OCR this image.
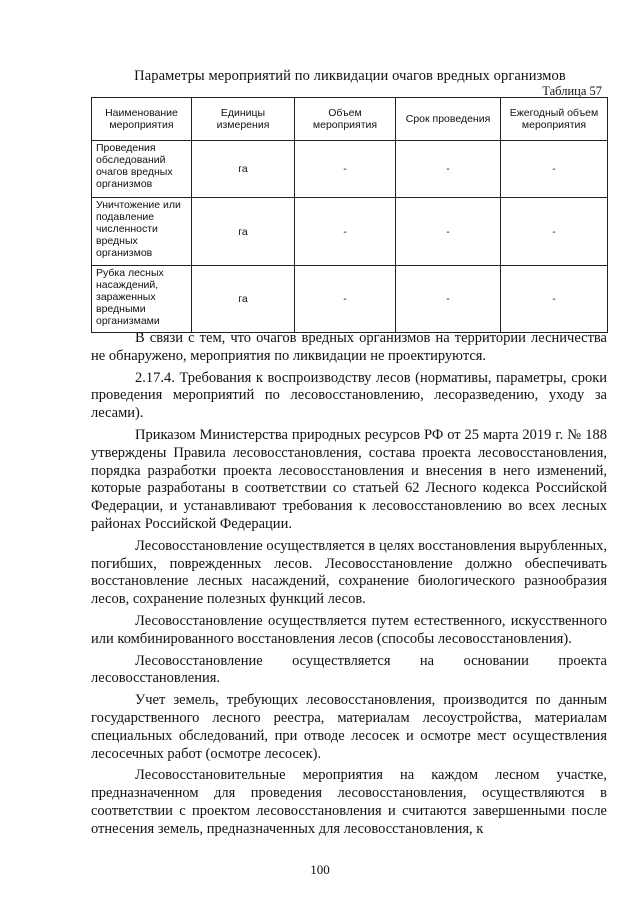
Параметры мероприятий по ликвидации очагов вредных организмов
Таблица 57
Наименование мероприятия	Единицы измерения	Объем мероприятия	Срок проведения	Ежегодный объем мероприятия
Проведения обследований очагов вредных организмов	га	-	-	-
Уничтожение или подавление численности вредных организмов	га	-	-	-
Рубка лесных насаждений, зараженных вредными организмами	га	-	-	-

В связи с тем, что очагов вредных организмов на территории лесничества не обнаружено, мероприятия по ликвидации не проектируются.

2.17.4. Требования к воспроизводству лесов (нормативы, параметры, сроки проведения мероприятий по лесовосстановлению, лесоразведению, уходу за лесами).

Приказом Министерства природных ресурсов РФ от 25 марта 2019 г. № 188 утверждены Правила лесовосстановления, состава проекта лесовосстановления, порядка разработки проекта лесовосстановления и внесения в него изменений, которые разработаны в соответствии со статьей 62 Лесного кодекса Российской Федерации, и устанавливают требования к лесовосстановлению во всех лесных районах Российской Федерации.

Лесовосстановление осуществляется в целях восстановления вырубленных, погибших, поврежденных лесов. Лесовосстановление должно обеспечивать восстановление лесных насаждений, сохранение биологического разнообразия лесов, сохранение полезных функций лесов.

Лесовосстановление осуществляется путем естественного, искусственного или комбинированного восстановления лесов (способы лесовосстановления).

Лесовосстановление осуществляется на основании проекта лесовосстановления.

Учет земель, требующих лесовосстановления, производится по данным государственного лесного реестра, материалам лесоустройства, материалам специальных обследований, при отводе лесосек и осмотре мест осуществления лесосечных работ (осмотре лесосек).

Лесовосстановительные мероприятия на каждом лесном участке, предназначенном для проведения лесовосстановления, осуществляются в соответствии с проектом лесовосстановления и считаются завершенными после отнесения земель, предназначенных для лесовосстановления, к

100
